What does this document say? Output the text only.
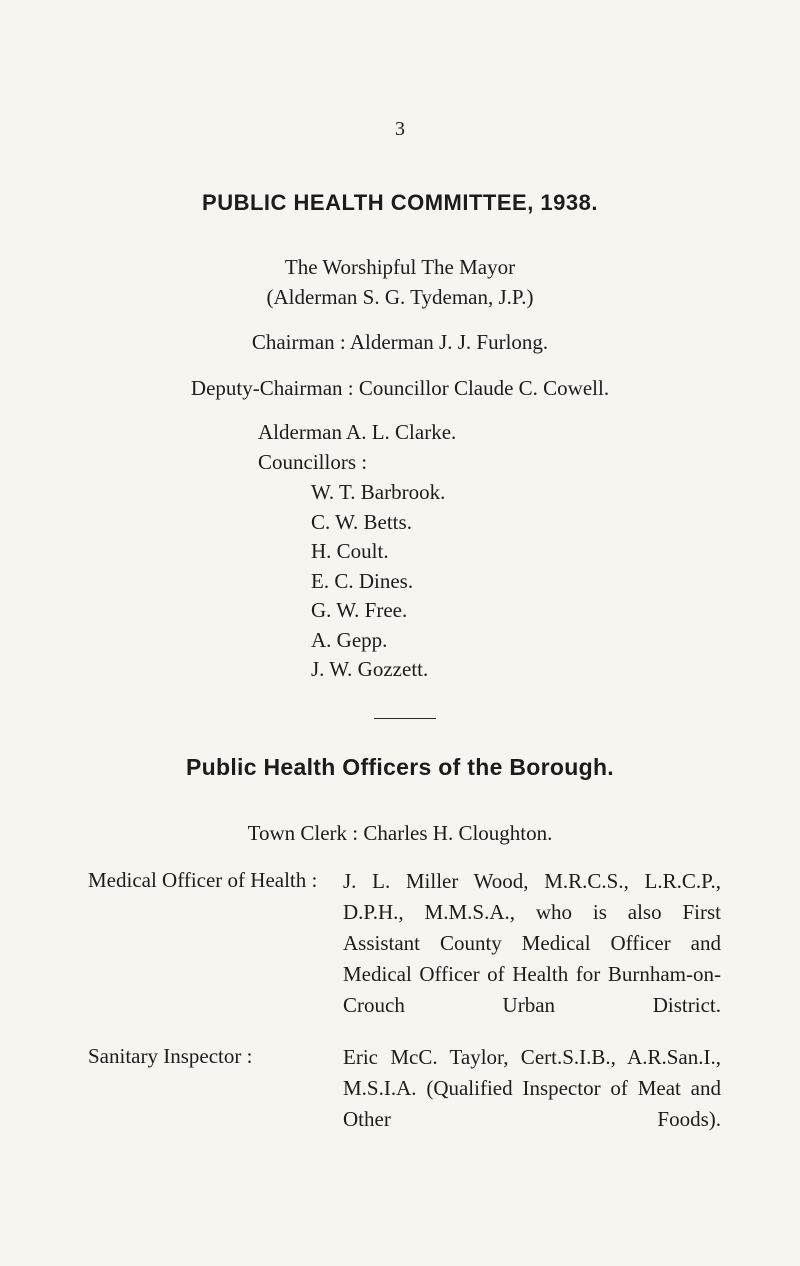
3
PUBLIC HEALTH COMMITTEE, 1938.
The Worshipful The Mayor
(Alderman S. G. Tydeman, J.P.)
Chairman : Alderman J. J. Furlong.
Deputy-Chairman : Councillor Claude C. Cowell.
Alderman A. L. Clarke.
Councillors :
W. T. Barbrook.
C. W. Betts.
H. Coult.
E. C. Dines.
G. W. Free.
A. Gepp.
J. W. Gozzett.
Public Health Officers of the Borough.
Town Clerk : Charles H. Cloughton.
Medical Officer of Health : J. L. Miller Wood, M.R.C.S., L.R.C.P., D.P.H., M.M.S.A., who is also First Assistant County Medical Officer and Medical Officer of Health for Burnham-on-Crouch Urban District.
Sanitary Inspector :	Eric McC. Taylor, Cert.S.I.B., A.R.San.I., M.S.I.A. (Qualified Inspector of Meat and Other Foods).
